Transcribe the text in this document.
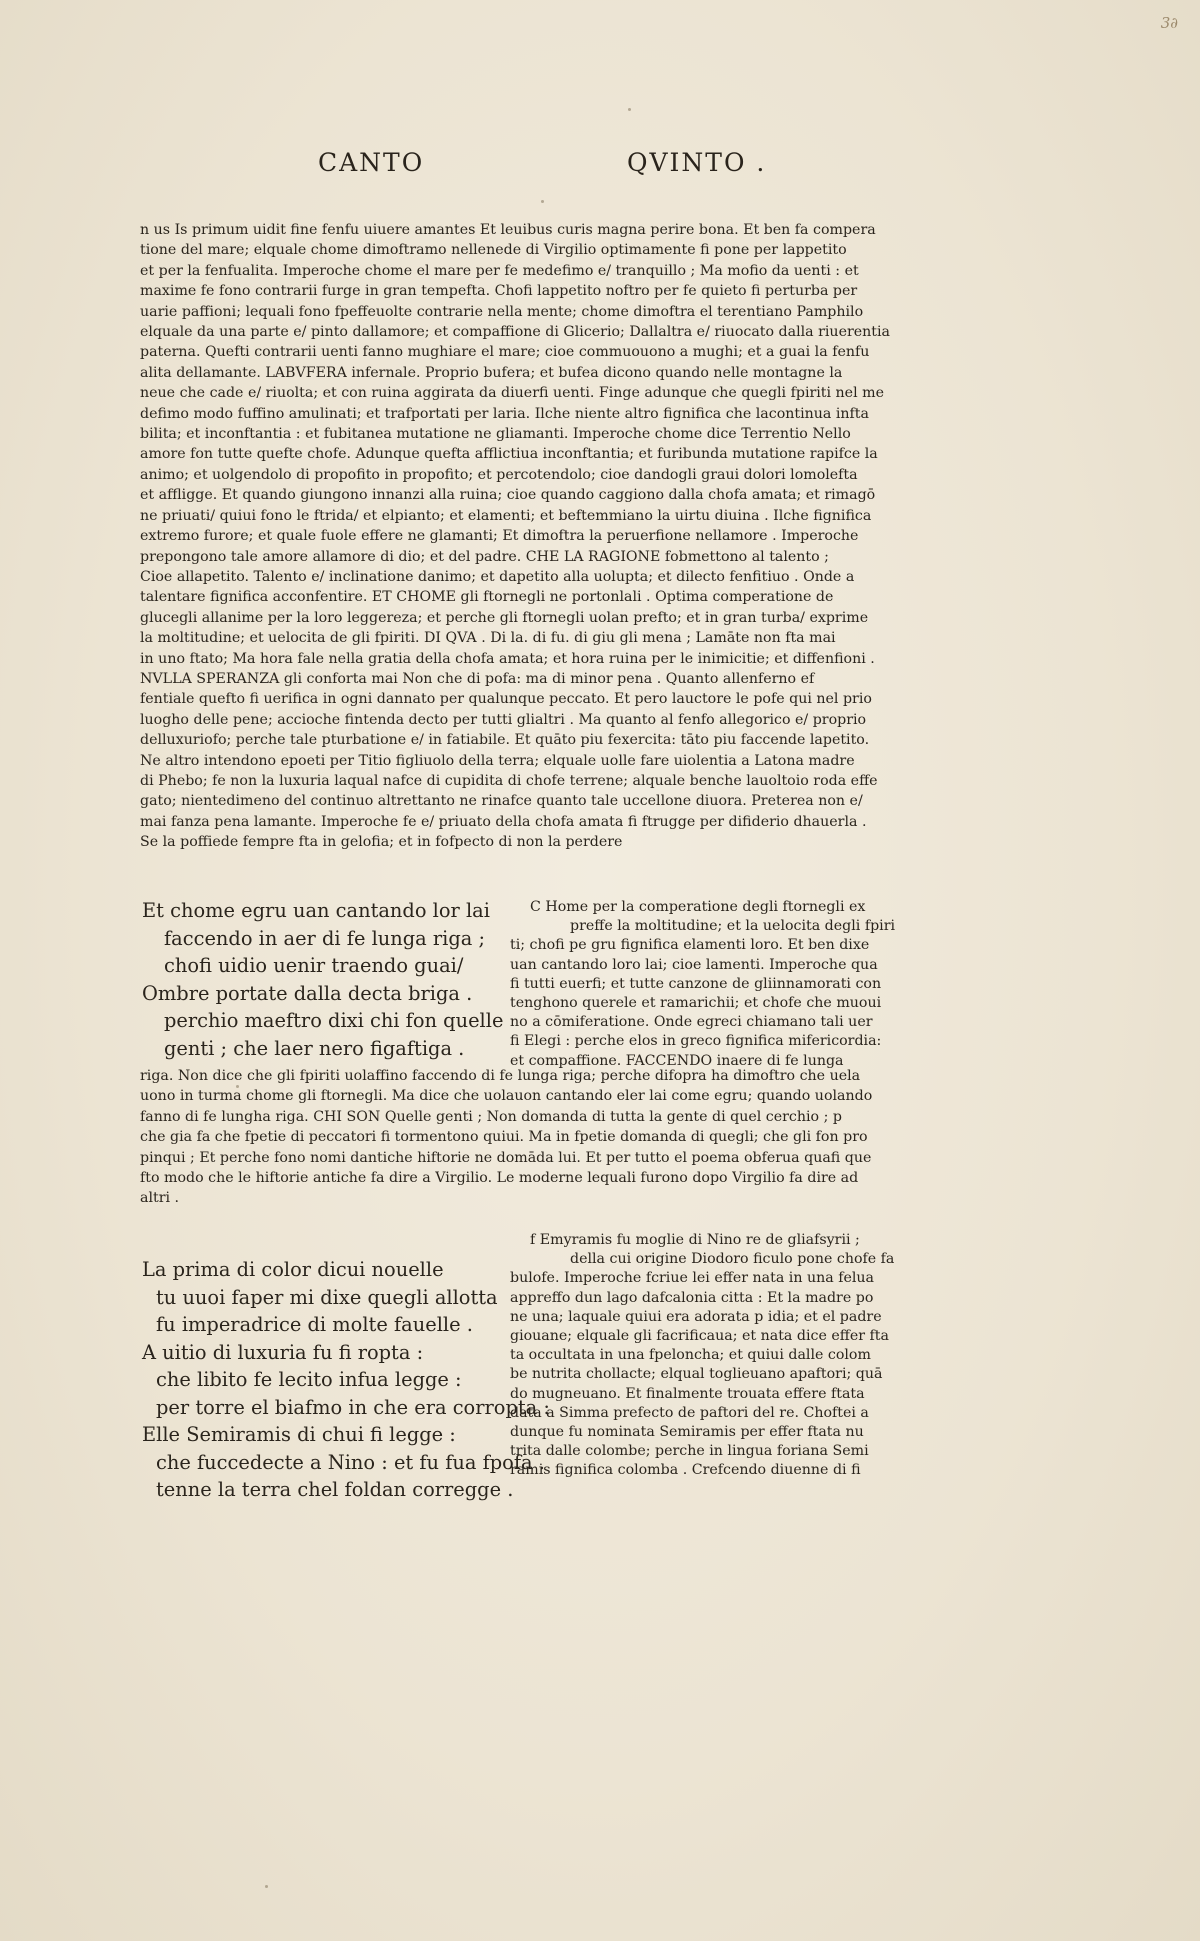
3∂
CANTO	QVINTO .

n us Is primum uidit fine fenfu uiuere amantes Et leuibus curis magna perire bona. Et ben fa compera

tione del mare; elquale chome dimoftramo nellenede di Virgilio optimamente fi pone per lappetito

et per la fenfualita. Imperoche chome el mare per fe medefimo e/ tranquillo ; Ma mofio da uenti : et

maxime fe fono contrarii furge in gran tempefta. Chofi lappetito noftro per fe quieto fi perturba per

uarie paffioni; lequali fono fpeffeuolte contrarie nella mente; chome dimoftra el terentiano Pamphilo

elquale da una parte e/ pinto dallamore; et compaffione di Glicerio; Dallaltra e/ riuocato dalla riuerentia

paterna. Quefti contrarii uenti fanno mughiare el mare; cioe commuouono a mughi; et a guai la fenfu

alita dellamante. LABVFERA infernale. Proprio bufera; et bufea dicono quando nelle montagne la

neue che cade e/ riuolta; et con ruina aggirata da diuerfi uenti. Finge adunque che quegli fpiriti nel me

defimo modo fuffino amulinati; et trafportati per laria. Ilche niente altro fignifica che lacontinua infta

bilita; et inconftantia : et fubitanea mutatione ne gliamanti. Imperoche chome dice Terrentio Nello

amore fon tutte quefte chofe. Adunque quefta afflictiua inconftantia; et furibunda mutatione rapifce la

animo; et uolgendolo di propofito in propofito; et percotendolo; cioe dandogli graui dolori lomolefta

et affligge. Et quando giungono innanzi alla ruina; cioe quando caggiono dalla chofa amata; et rimagō

ne priuati/ quiui fono le ftrida/ et elpianto; et elamenti; et beftemmiano la uirtu diuina . Ilche fignifica

extremo furore; et quale fuole effere ne glamanti; Et dimoftra la peruerfione nellamore . Imperoche

prepongono tale amore allamore di dio; et del padre. CHE LA RAGIONE fobmettono al talento ;

Cioe allapetito. Talento e/ inclinatione danimo; et dapetito alla uolupta; et dilecto fenfitiuo . Onde a

talentare fignifica acconfentire. ET CHOME gli ftornegli ne portonlali . Optima comperatione de

glucegli allanime per la loro leggereza; et perche gli ftornegli uolan prefto; et in gran turba/ exprime

la moltitudine; et uelocita de gli fpiriti. DI QVA . Di la. di fu. di giu gli mena ; Lamāte non fta mai

in uno ftato; Ma hora fale nella gratia della chofa amata; et hora ruina per le inimicitie; et diffenfioni .

NVLLA SPERANZA gli conforta mai Non che di pofa: ma di minor pena . Quanto allenferno ef

fentiale quefto fi uerifica in ogni dannato per qualunque peccato. Et pero lauctore le pofe qui nel prio

luogho delle pene; accioche fintenda decto per tutti glialtri . Ma quanto al fenfo allegorico e/ proprio

delluxuriofo; perche tale pturbatione e/ in fatiabile. Et quāto piu fexercita: tāto piu faccende lapetito.

Ne altro intendono epoeti per Titio figliuolo della terra; elquale uolle fare uiolentia a Latona madre

di Phebo; fe non la luxuria laqual nafce di cupidita di chofe terrene; alquale benche lauoltoio roda effe

gato; nientedimeno del continuo altrettanto ne rinafce quanto tale uccellone diuora. Preterea non e/

mai fanza pena lamante. Imperoche fe e/ priuato della chofa amata fi ftrugge per difiderio dhauerla .

Se la poffiede fempre fta in gelofia; et in fofpecto di non la perdere

Et chome egru uan cantando lor lai

faccendo in aer di fe lunga riga ;

chofi uidio uenir traendo guai/

Ombre portate dalla decta briga .

perchio maeftro dixi chi fon quelle

genti ; che laer nero figaftiga .

C Home per la comperatione degli ftornegli ex

preffe la moltitudine; et la uelocita degli fpiri

ti; chofi pe gru fignifica elamenti loro. Et ben dixe

uan cantando loro lai; cioe lamenti. Imperoche qua

fi tutti euerfi; et tutte canzone de gliinnamorati con

tenghono querele et ramarichii; et chofe che muoui

no a cōmiferatione. Onde egreci chiamano tali uer

fi Elegi : perche elos in greco fignifica mifericordia:

et compaffione. FACCENDO inaere di fe lunga

riga. Non dice che gli fpiriti uolaffino faccendo di fe lunga riga; perche difopra ha dimoftro che uela

uono in turma chome gli ftornegli. Ma dice che uolauon cantando eler lai come egru; quando uolando

fanno di fe lungha riga. CHI SON Quelle genti ; Non domanda di tutta la gente di quel cerchio ; p

che gia fa che fpetie di peccatori fi tormentono quiui. Ma in fpetie domanda di quegli; che gli fon pro

pinqui ; Et perche fono nomi dantiche hiftorie ne domāda lui. Et per tutto el poema obferua quafi que

fto modo che le hiftorie antiche fa dire a Virgilio. Le moderne lequali furono dopo Virgilio fa dire ad

altri .

La prima di color dicui nouelle

tu uuoi faper mi dixe quegli allotta

fu imperadrice di molte fauelle .

A uitio di luxuria fu fi ropta :

che libito fe lecito infua legge :

per torre el biafmo in che era corropta :

Elle Semiramis di chui fi legge :

che fuccedecte a Nino : et fu fua fpofa .

tenne la terra chel foldan corregge .

f Emyramis fu moglie di Nino re de gliafsyrii ;

della cui origine Diodoro ficulo pone chofe fa

bulofe. Imperoche fcriue lei effer nata in una felua

appreffo dun lago dafcalonia citta : Et la madre po

ne una; laquale quiui era adorata p idia; et el padre

giouane; elquale gli facrificaua; et nata dice effer fta

ta occultata in una fpeloncha; et quiui dalle colom

be nutrita chollacte; elqual toglieuano apaftori; quā

do mugneuano. Et finalmente trouata effere ftata

data a Simma prefecto de paftori del re. Choftei a

dunque fu nominata Semiramis per effer ftata nu

trita dalle colombe; perche in lingua foriana Semi

ramis fignifica colomba . Crefcendo diuenne di fi
